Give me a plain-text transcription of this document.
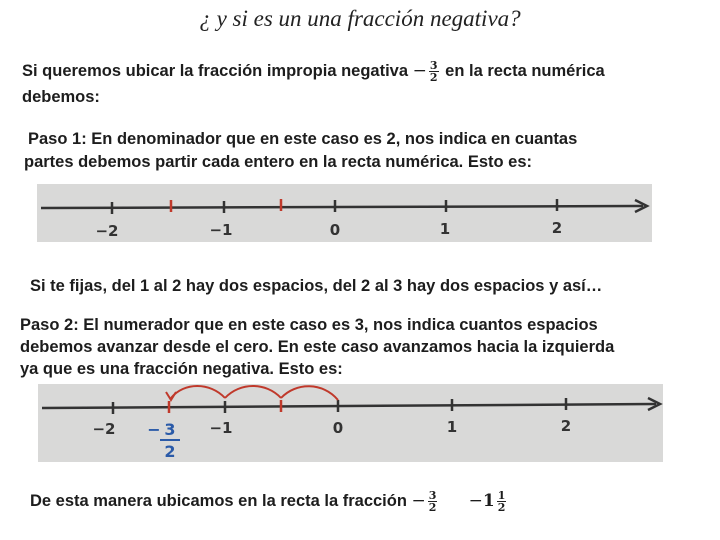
¿ y si es un una fracción negativa?
Si queremos ubicar la fracción impropia negativa − $\frac{3}{2}$ en la recta numérica
debemos:
Paso 1: En denominador que en este caso es 2, nos indica en cuantas
partes debemos partir cada entero en la recta numérica. Esto es:
−2	−1	0	1	2
Si te fijas, del 1 al 2 hay dos espacios, del 2 al 3 hay dos espacios y así…
Paso 2: El numerador que en este caso es 3, nos indica cuantos espacios
debemos avanzar desde el cero. En este caso avanzamos hacia la izquierda
ya que es una fracción negativa. Esto es:
−2	−1	0	1	2
− 3
2
De esta manera ubicamos en la recta la fracción − $\frac{3}{2} -1 \frac{1}{2}$
